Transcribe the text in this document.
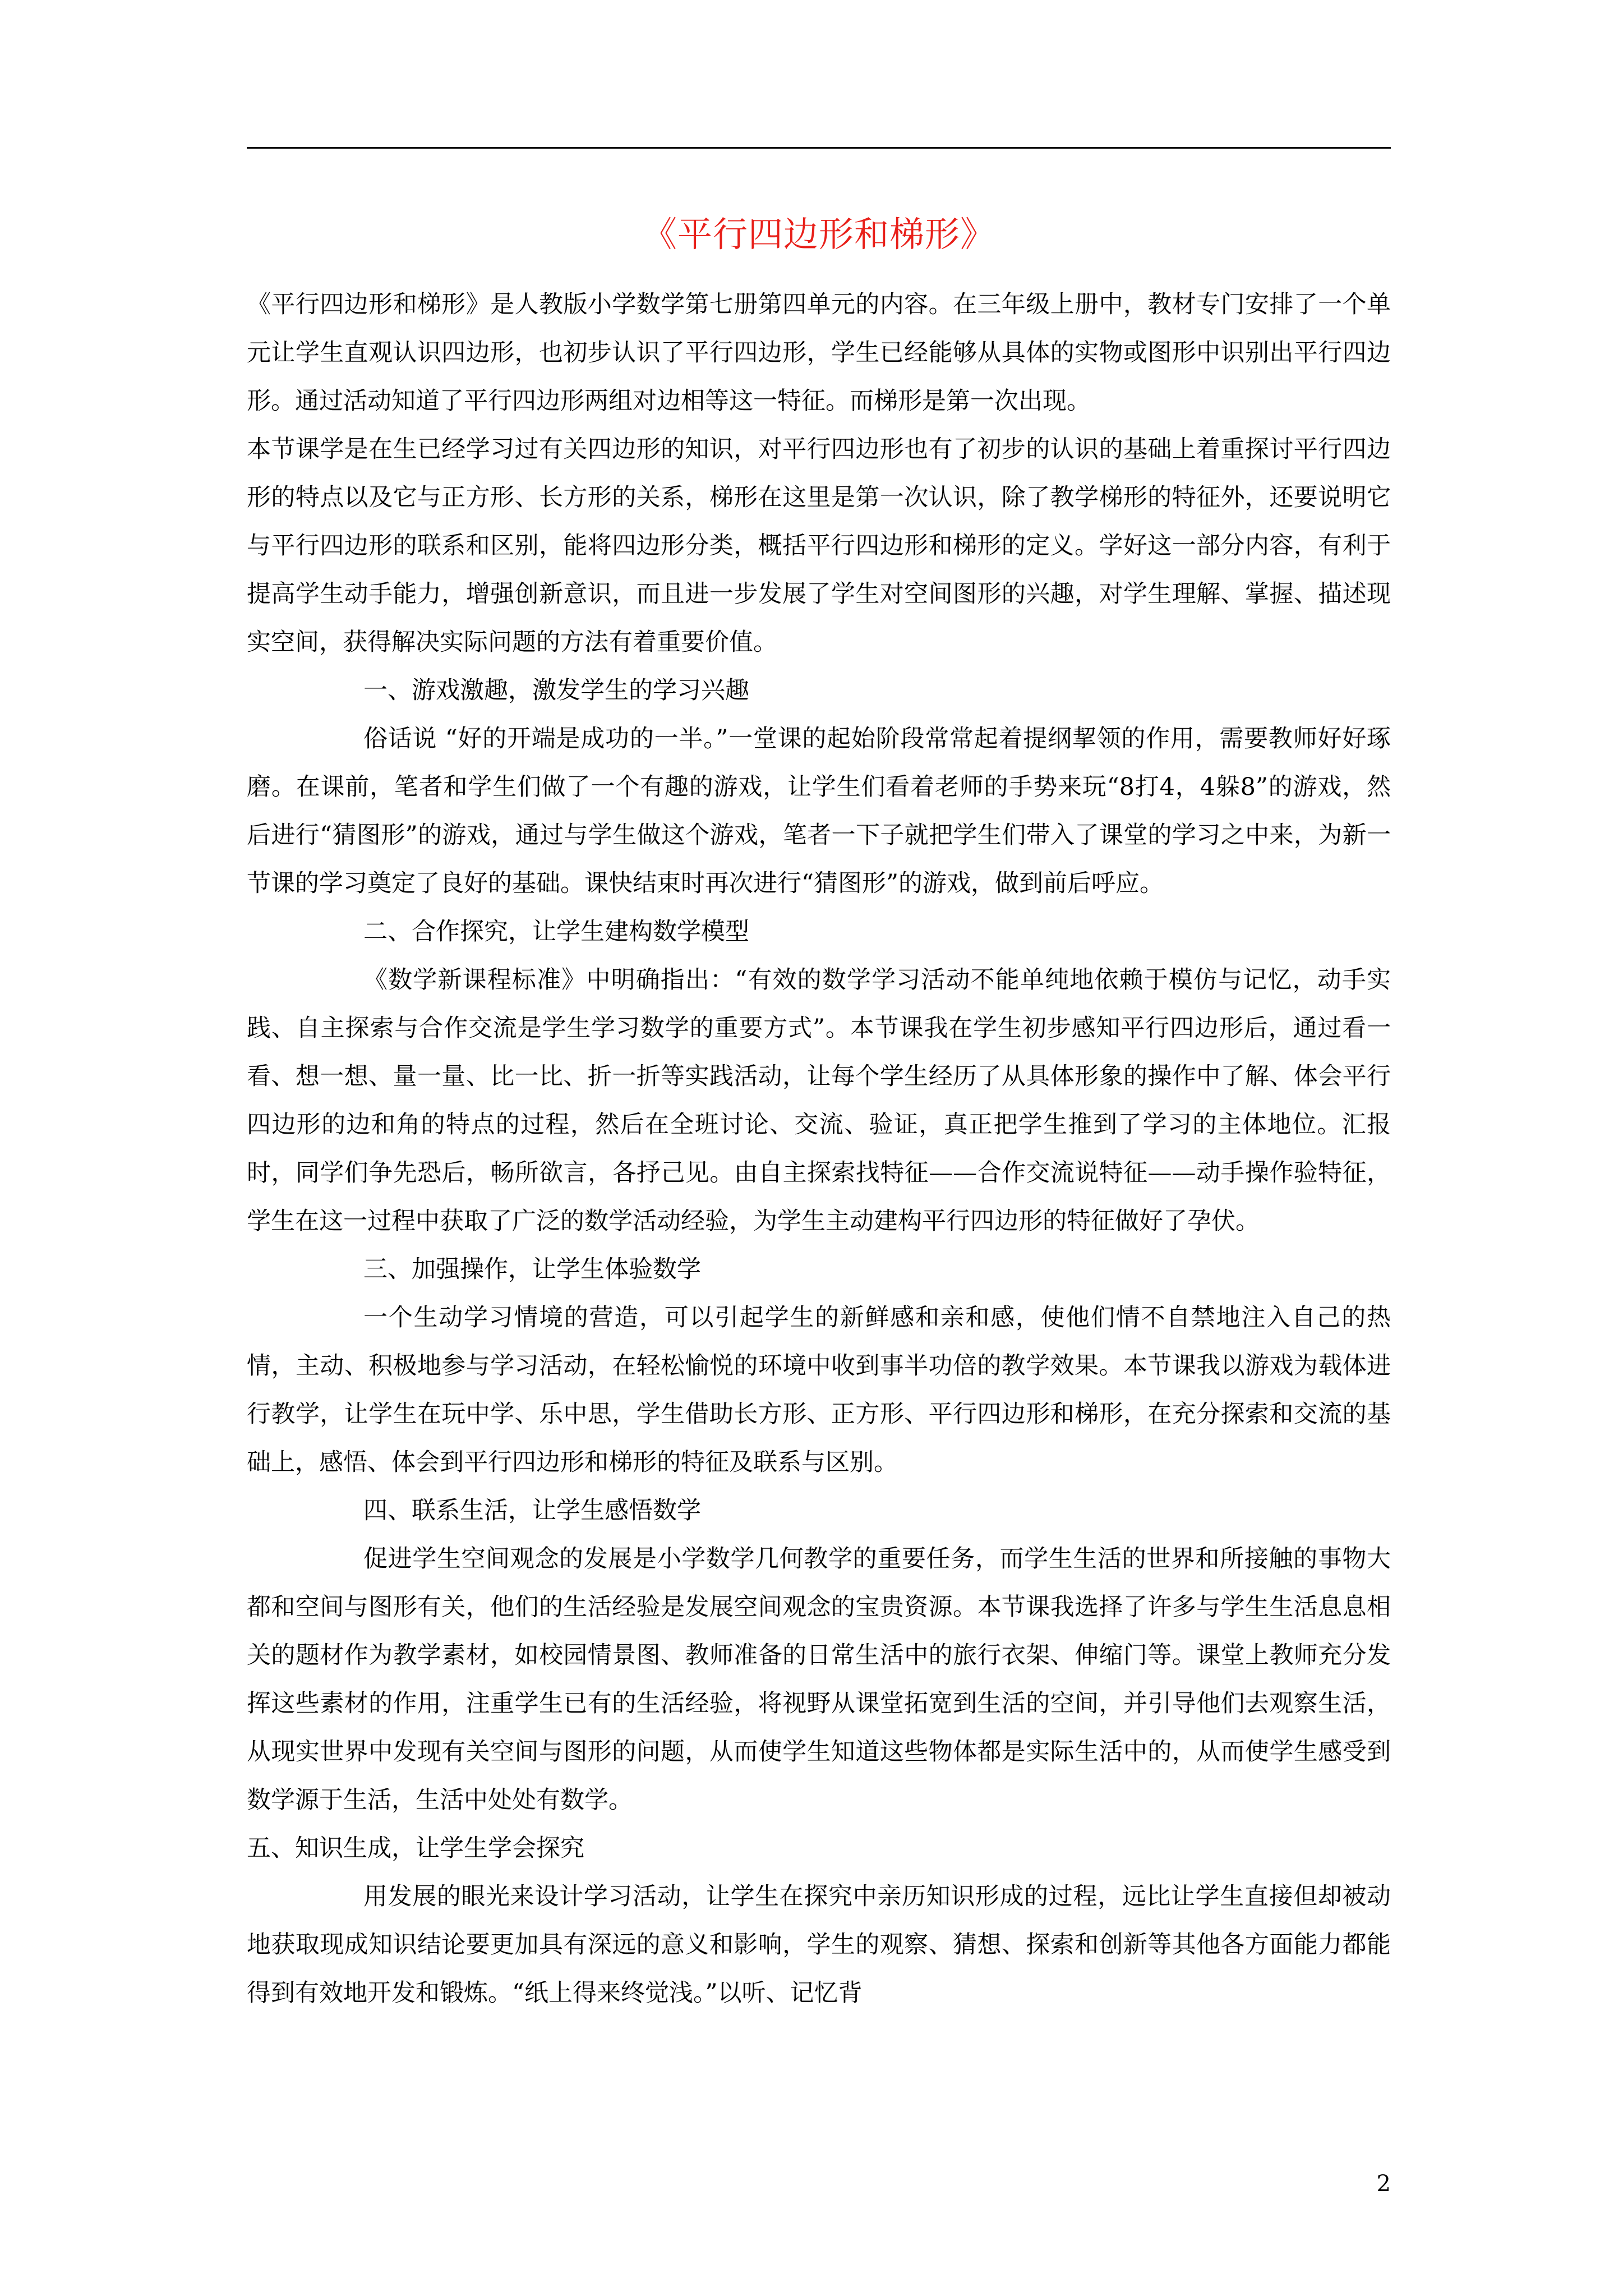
《平行四边形和梯形》

《平行四边形和梯形》是人教版小学数学第七册第四单元的内容。在三年级上册中，教材专门安排了一个单元让学生直观认识四边形，也初步认识了平行四边形，学生已经能够从具体的实物或图形中识别出平行四边形。通过活动知道了平行四边形两组对边相等这一特征。而梯形是第一次出现。

本节课学是在生已经学习过有关四边形的知识，对平行四边形也有了初步的认识的基础上着重探讨平行四边形的特点以及它与正方形、长方形的关系，梯形在这里是第一次认识，除了教学梯形的特征外，还要说明它与平行四边形的联系和区别，能将四边形分类，概括平行四边形和梯形的定义。学好这一部分内容，有利于提高学生动手能力，增强创新意识，而且进一步发展了学生对空间图形的兴趣，对学生理解、掌握、描述现实空间，获得解决实际问题的方法有着重要价值。

一、游戏激趣，激发学生的学习兴趣

俗话说 “好的开端是成功的一半。”一堂课的起始阶段常常起着提纲挈领的作用，需要教师好好琢磨。在课前，笔者和学生们做了一个有趣的游戏，让学生们看着老师的手势来玩“8打4，4躲8”的游戏，然后进行“猜图形”的游戏，通过与学生做这个游戏，笔者一下子就把学生们带入了课堂的学习之中来，为新一节课的学习奠定了良好的基础。课快结束时再次进行“猜图形”的游戏，做到前后呼应。

二、合作探究，让学生建构数学模型

《数学新课程标准》中明确指出：“有效的数学学习活动不能单纯地依赖于模仿与记忆，动手实践、自主探索与合作交流是学生学习数学的重要方式”。本节课我在学生初步感知平行四边形后，通过看一看、想一想、量一量、比一比、折一折等实践活动，让每个学生经历了从具体形象的操作中了解、体会平行四边形的边和角的特点的过程，然后在全班讨论、交流、验证，真正把学生推到了学习的主体地位。汇报时，同学们争先恐后，畅所欲言，各抒己见。由自主探索找特征——合作交流说特征——动手操作验特征，学生在这一过程中获取了广泛的数学活动经验，为学生主动建构平行四边形的特征做好了孕伏。

三、加强操作，让学生体验数学

一个生动学习情境的营造，可以引起学生的新鲜感和亲和感，使他们情不自禁地注入自己的热情，主动、积极地参与学习活动，在轻松愉悦的环境中收到事半功倍的教学效果。本节课我以游戏为载体进行教学，让学生在玩中学、乐中思，学生借助长方形、正方形、平行四边形和梯形，在充分探索和交流的基础上，感悟、体会到平行四边形和梯形的特征及联系与区别。

四、联系生活，让学生感悟数学

促进学生空间观念的发展是小学数学几何教学的重要任务，而学生生活的世界和所接触的事物大都和空间与图形有关，他们的生活经验是发展空间观念的宝贵资源。本节课我选择了许多与学生生活息息相关的题材作为教学素材，如校园情景图、教师准备的日常生活中的旅行衣架、伸缩门等。课堂上教师充分发挥这些素材的作用，注重学生已有的生活经验，将视野从课堂拓宽到生活的空间，并引导他们去观察生活，从现实世界中发现有关空间与图形的问题，从而使学生知道这些物体都是实际生活中的，从而使学生感受到数学源于生活，生活中处处有数学。

五、知识生成，让学生学会探究

用发展的眼光来设计学习活动，让学生在探究中亲历知识形成的过程，远比让学生直接但却被动地获取现成知识结论要更加具有深远的意义和影响，学生的观察、猜想、探索和创新等其他各方面能力都能得到有效地开发和锻炼。“纸上得来终觉浅。”以听、记忆背

2
